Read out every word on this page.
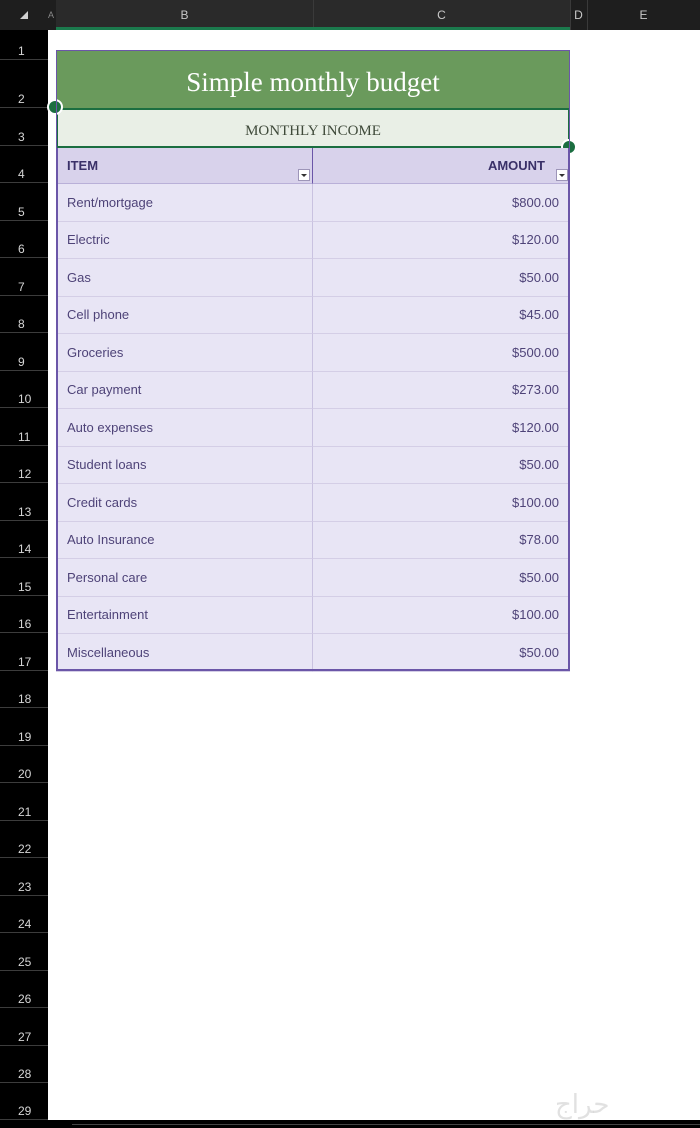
A	B	C	D	E
1
2
3
4
5
6
7
8
9
10
11
12
13
14
15
16
17
18
19
20
21
22
23
24
25
26
27
28
29
Simple monthly budget
MONTHLY INCOME
ITEM	AMOUNT
Rent/mortgage	$800.00
Electric	$120.00
Gas	$50.00
Cell phone	$45.00
Groceries	$500.00
Car payment	$273.00
Auto expenses	$120.00
Student loans	$50.00
Credit cards	$100.00
Auto Insurance	$78.00
Personal care	$50.00
Entertainment	$100.00
Miscellaneous	$50.00
حراج
